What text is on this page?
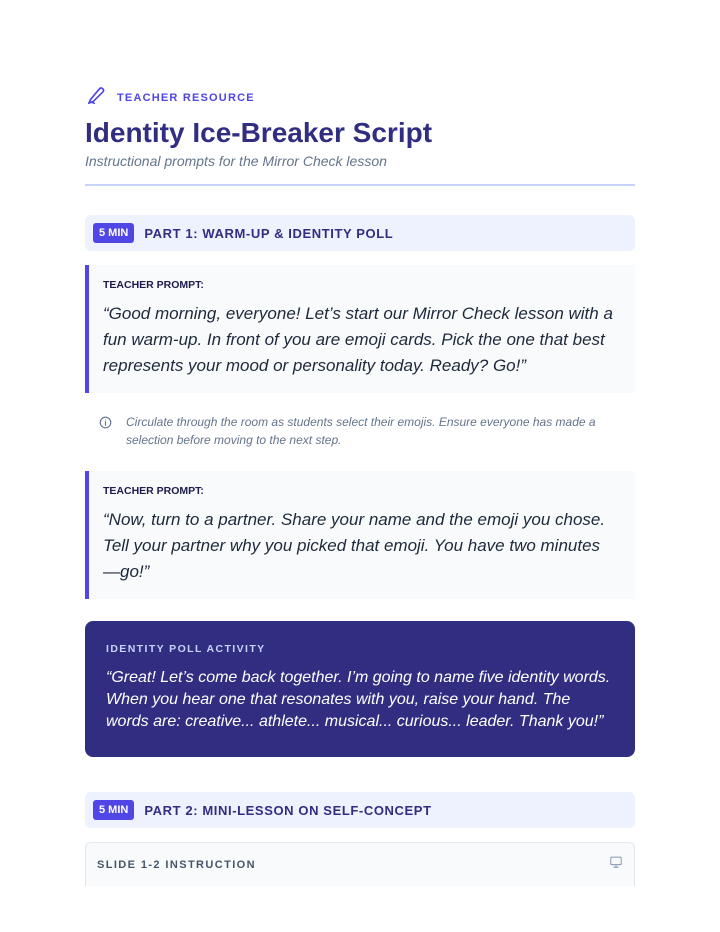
TEACHER RESOURCE
Identity Ice-Breaker Script

Instructional prompts for the Mirror Check lesson

5 MIN	PART 1: WARM-UP & IDENTITY POLL
TEACHER PROMPT:
“Good morning, everyone! Let’s start our Mirror Check lesson with a fun warm-up. In front of you are emoji cards. Pick the one that best represents your mood or personality today. Ready? Go!”
Circulate through the room as students select their emojis. Ensure everyone has made a selection before moving to the next step.
TEACHER PROMPT:
“Now, turn to a partner. Share your name and the emoji you chose. Tell your partner why you picked that emoji. You have two minutes—go!”
IDENTITY POLL ACTIVITY
“Great! Let’s come back together. I’m going to name five identity words. When you hear one that resonates with you, raise your hand. The words are: creative... athlete... musical... curious... leader. Thank you!”
5 MIN	PART 2: MINI-LESSON ON SELF-CONCEPT
SLIDE 1-2 INSTRUCTION
